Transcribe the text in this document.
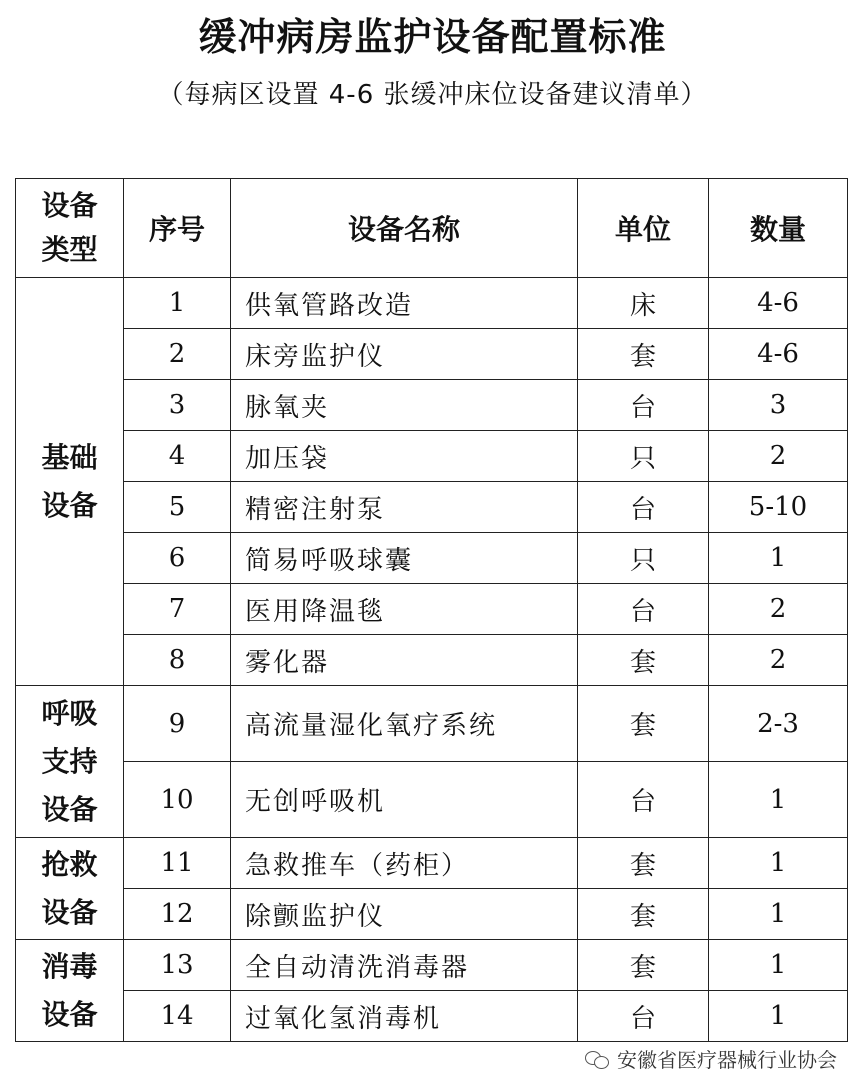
缓冲病房监护设备配置标准
（每病区设置 4-6 张缓冲床位设备建议清单）
设备
类型	序号	设备名称	单位	数量

基础
设备	1	供氧管路改造	床	4-6
	2	床旁监护仪	套	4-6
	3	脉氧夹	台	3
	4	加压袋	只	2
	5	精密注射泵	台	5-10
	6	简易呼吸球囊	只	1
	7	医用降温毯	台	2
	8	雾化器	套	2

呼吸
支持
设备	9	高流量湿化氧疗系统	套	2-3
	10	无创呼吸机	台	1

抢救
设备	11	急救推车（药柜）	套	1
	12	除颤监护仪	套	1

消毒
设备	13	全自动清洗消毒器	套	1
	14	过氧化氢消毒机	台	1
安徽省医疗器械行业协会
